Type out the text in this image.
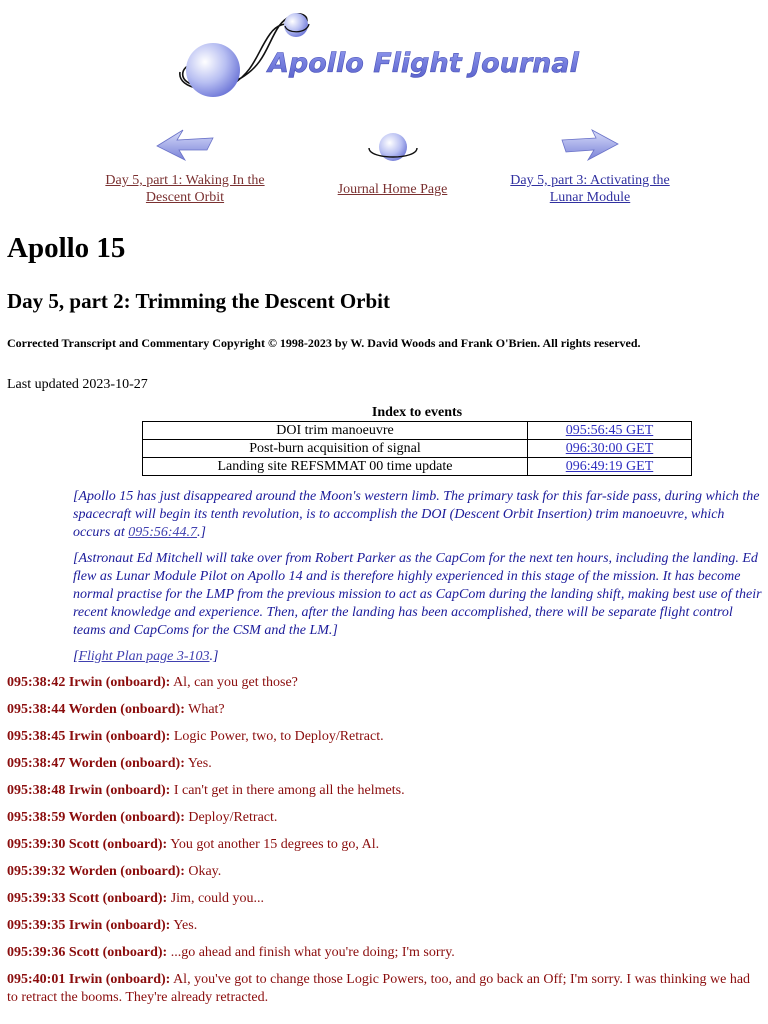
Apollo Flight Journal
Day 5, part 1: Waking In the Descent Orbit
Journal Home Page
Day 5, part 3: Activating the Lunar Module
Apollo 15
Day 5, part 2: Trimming the Descent Orbit
Corrected Transcript and Commentary Copyright © 1998-2023 by W. David Woods and Frank O'Brien. All rights reserved.
Last updated 2023-10-27
Index to events
DOI trim manoeuvre	095:56:45 GET
Post-burn acquisition of signal	096:30:00 GET
Landing site REFSMMAT 00 time update	096:49:19 GET
[Apollo 15 has just disappeared around the Moon's western limb. The primary task for this far-side pass, during which the spacecraft will begin its tenth revolution, is to accomplish the DOI (Descent Orbit Insertion) trim manoeuvre, which occurs at 095:56:44.7.]
[Astronaut Ed Mitchell will take over from Robert Parker as the CapCom for the next ten hours, including the landing. Ed flew as Lunar Module Pilot on Apollo 14 and is therefore highly experienced in this stage of the mission. It has become normal practise for the LMP from the previous mission to act as CapCom during the landing shift, making best use of their recent knowledge and experience. Then, after the landing has been accomplished, there will be separate flight control teams and CapComs for the CSM and the LM.]
[Flight Plan page 3-103.]
095:38:42 Irwin (onboard): Al, can you get those?
095:38:44 Worden (onboard): What?
095:38:45 Irwin (onboard): Logic Power, two, to Deploy/Retract.
095:38:47 Worden (onboard): Yes.
095:38:48 Irwin (onboard): I can't get in there among all the helmets.
095:38:59 Worden (onboard): Deploy/Retract.
095:39:30 Scott (onboard): You got another 15 degrees to go, Al.
095:39:32 Worden (onboard): Okay.
095:39:33 Scott (onboard): Jim, could you...
095:39:35 Irwin (onboard): Yes.
095:39:36 Scott (onboard): ...go ahead and finish what you're doing; I'm sorry.
095:40:01 Irwin (onboard): Al, you've got to change those Logic Powers, too, and go back an Off; I'm sorry. I was thinking we had to retract the booms. They're already retracted.
